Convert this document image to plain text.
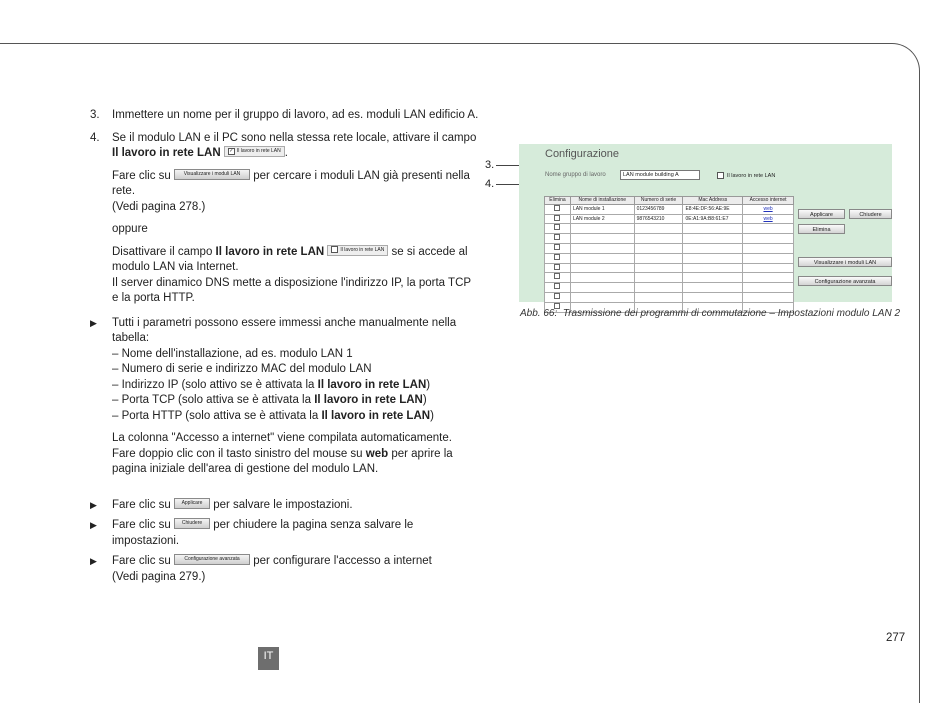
3. Immettere un nome per il gruppo di lavoro, ad es. moduli LAN edificio A.

4. Se il modulo LAN e il PC sono nella stessa rete locale, attivare il campo Il lavoro in rete LAN ✓ Il lavoro in rete LAN .

Fare clic su Visualizzare i moduli LAN per cercare i moduli LAN già presenti nella rete.

(Vedi pagina 278.)

oppure

Disattivare il campo Il lavoro in rete LAN	Il lavoro in rete LAN se si accede al modulo LAN via Internet.

Il server dinamico DNS mette a disposizione l'indirizzo IP, la porta TCP e la porta HTTP.

▶ Tutti i parametri possono essere immessi anche manualmente nella tabella:

– Nome dell'installazione, ad es. modulo LAN 1

– Numero di serie e indirizzo MAC del modulo LAN

– Indirizzo IP (solo attivo se è attivata la Il lavoro in rete LAN)

– Porta TCP (solo attiva se è attivata la Il lavoro in rete LAN)

– Porta HTTP (solo attiva se è attivata la Il lavoro in rete LAN)

La colonna "Accesso a internet" viene compilata automaticamente.

Fare doppio clic con il tasto sinistro del mouse su web per aprire la pagina iniziale dell'area di gestione del modulo LAN.

▶ Fare clic su Applicare per salvare le impostazioni.

▶ Fare clic su Chiudere per chiudere la pagina senza salvare le impostazioni.

▶ Fare clic su Configurazione avanzata per configurare l'accesso a internet

(Vedi pagina 279.)

3.
4.
Configurazione
Nome gruppo di lavoro	LAN module building A	Il lavoro in rete LAN
Elimina	Nome di installazione	Numero di serie	Mac Address	Accesso internet
	LAN module 1	0123456789	E8:4E:DF:56:AE:9E	web
	LAN module 2	9876543210	0E:A1:9A:B8:61:E7	web

Applicare	Chiudere
Elimina
Visualizzare i moduli LAN
Configurazione avanzata
Abb. 66: Trasmissione dei programmi di commutazione – Impostazioni modulo LAN 2
277
IT
